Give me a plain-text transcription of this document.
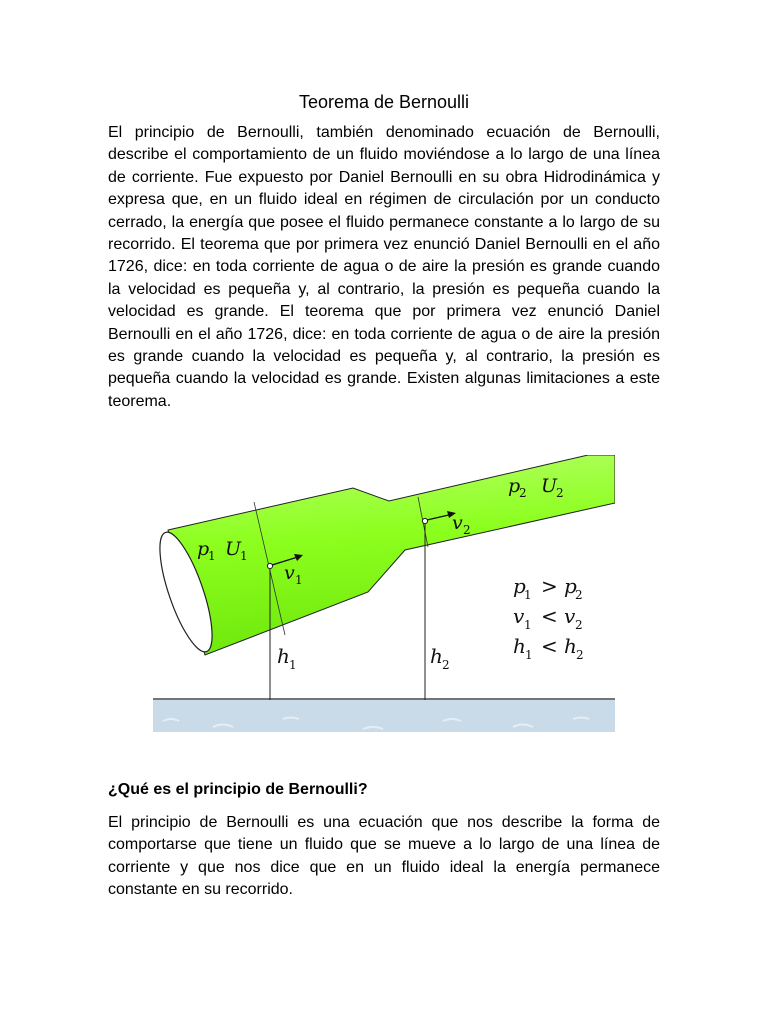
Teorema de Bernoulli

El principio de Bernoulli, también denominado ecuación de Bernoulli, describe el comportamiento de un fluido moviéndose a lo largo de una línea de corriente. Fue expuesto por Daniel Bernoulli en su obra Hidrodinámica y expresa que, en un fluido ideal en régimen de circulación por un conducto cerrado, la energía que posee el fluido permanece constante a lo largo de su recorrido. El teorema que por primera vez enunció Daniel Bernoulli en el año 1726, dice: en toda corriente de agua o de aire la presión es grande cuando la velocidad es pequeña y, al contrario, la presión es pequeña cuando la velocidad es grande. El teorema que por primera vez enunció Daniel Bernoulli en el año 1726, dice: en toda corriente de agua o de aire la presión es grande cuando la velocidad es pequeña y, al contrario, la presión es pequeña cuando la velocidad es grande. Existen algunas limitaciones a este teorema.

p
1 U
1
p
2 U
2
v 1
v 2
h 1	h 2
p
1 > p
2
v 1 < v 2
h 1 < h 2
¿Qué es el principio de Bernoulli?

El principio de Bernoulli es una ecuación que nos describe la forma de comportarse que tiene un fluido que se mueve a lo largo de una línea de corriente y que nos dice que en un fluido ideal la energía permanece constante en su recorrido.
